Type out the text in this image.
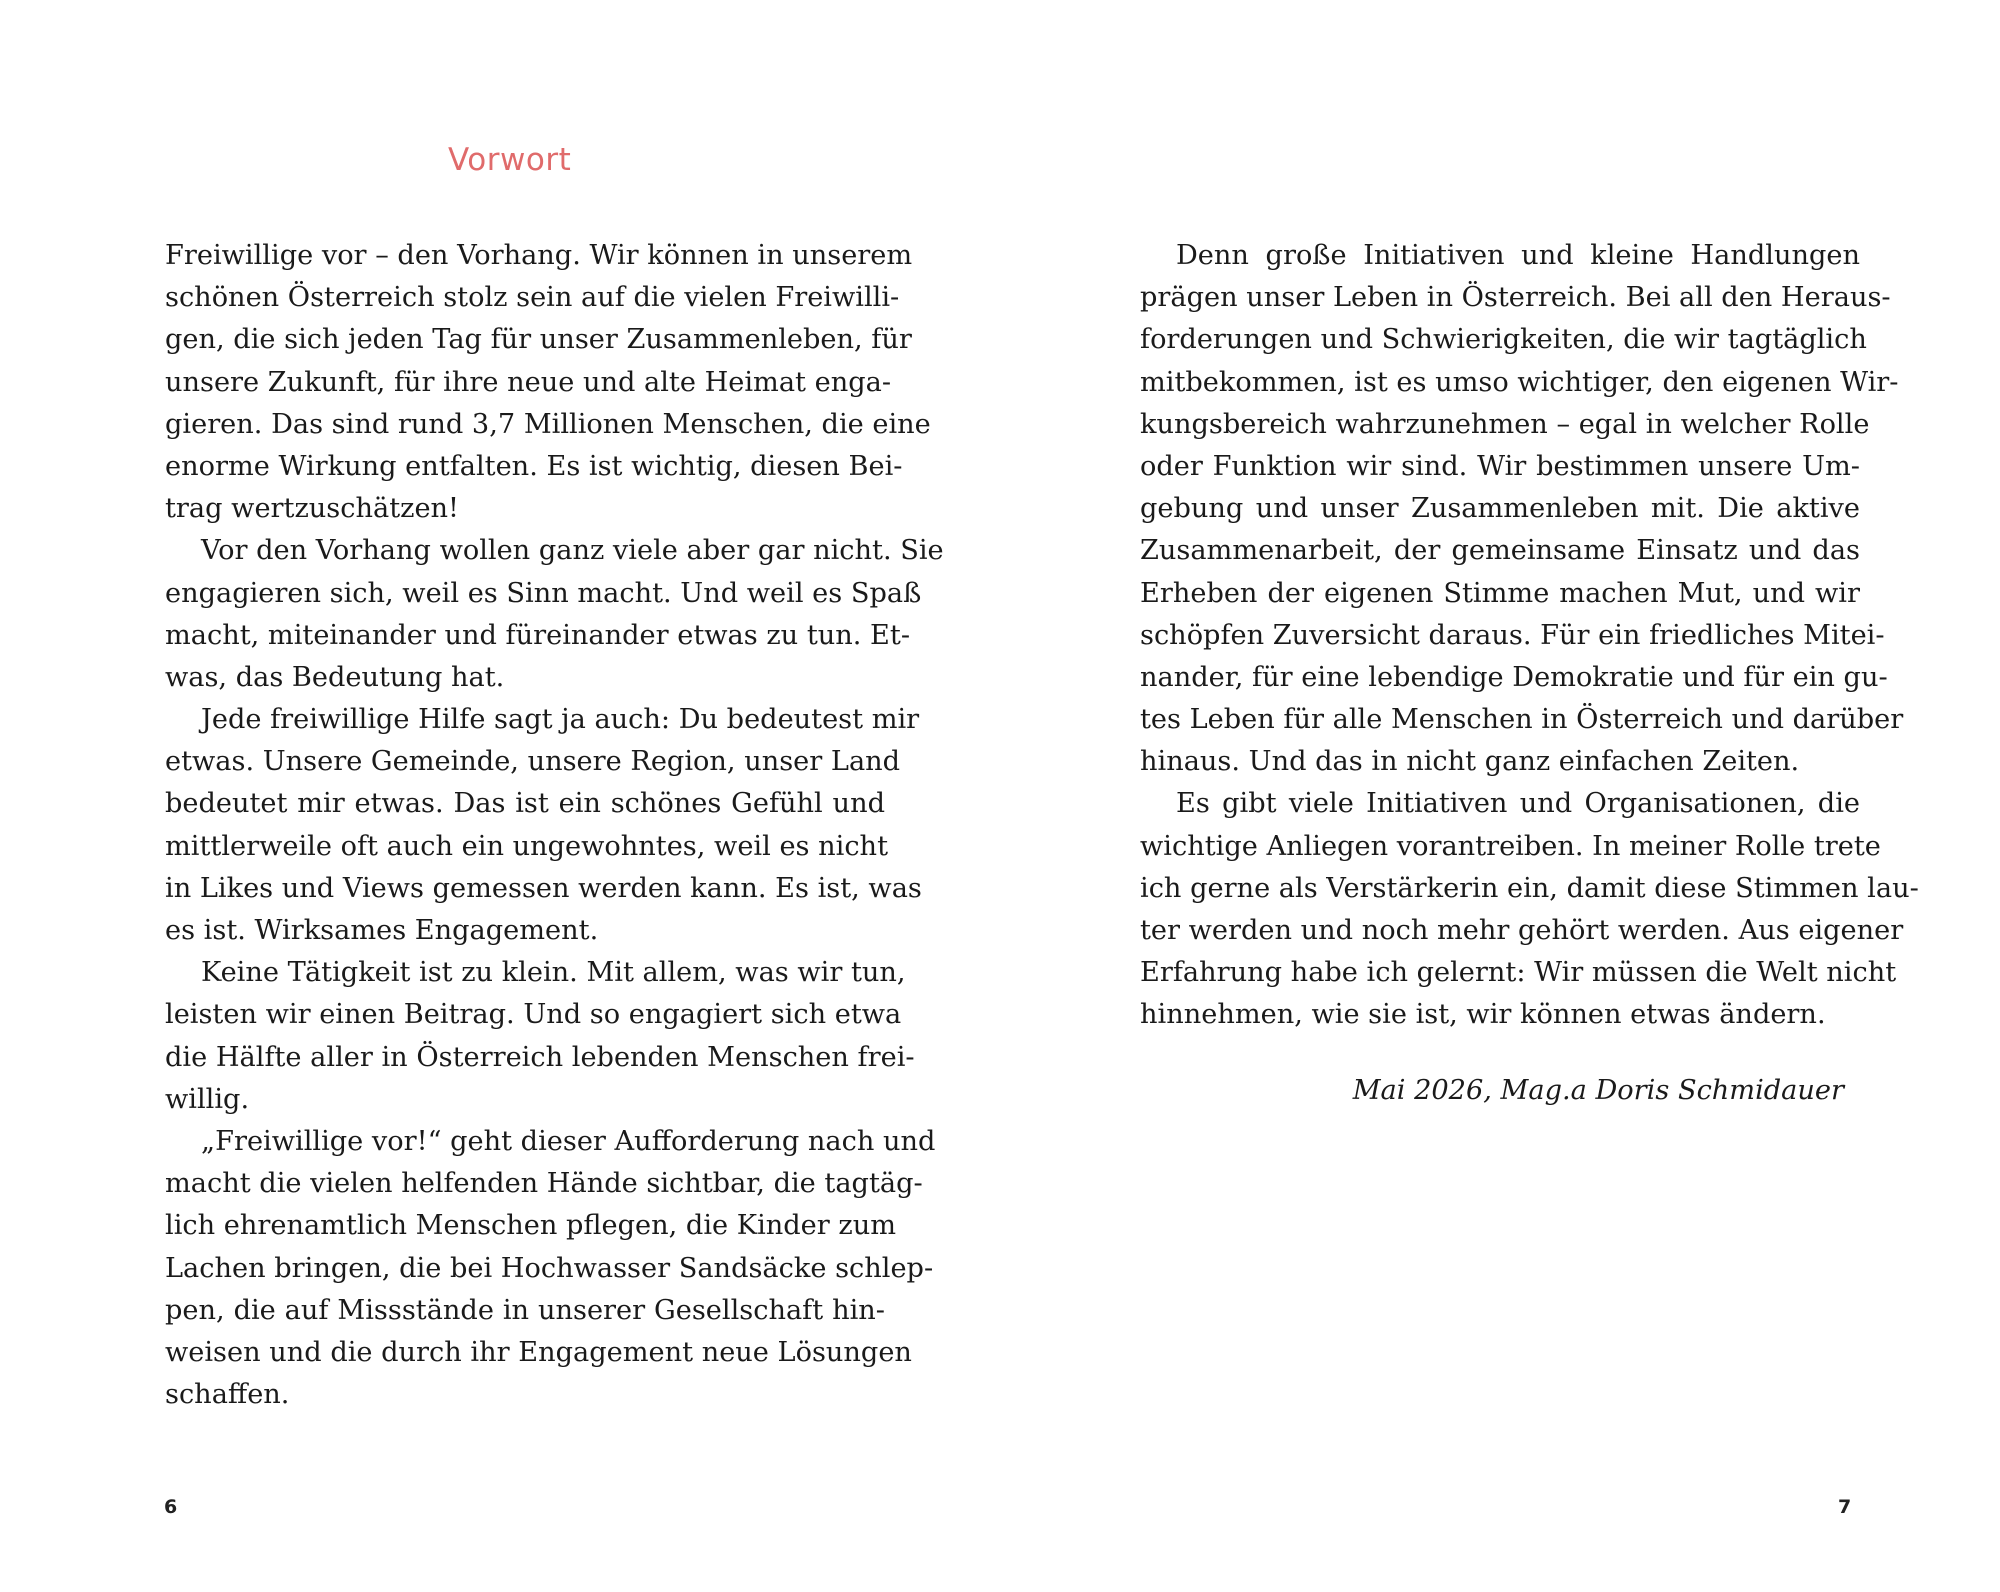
Vorwort
Freiwillige vor – den Vorhang. Wir können in unserem
schönen Österreich stolz sein auf die vielen Freiwilli-
gen, die sich jeden Tag für unser Zusammenleben, für
unsere Zukunft, für ihre neue und alte Heimat enga-
gieren. Das sind rund 3,7 Millionen Menschen, die eine
enorme Wirkung entfalten. Es ist wichtig, diesen Bei-
trag wertzuschätzen!
Vor den Vorhang wollen ganz viele aber gar nicht. Sie
engagieren sich, weil es Sinn macht. Und weil es Spaß
macht, miteinander und füreinander etwas zu tun. Et-
was, das Bedeutung hat.
Jede freiwillige Hilfe sagt ja auch: Du bedeutest mir
etwas. Unsere Gemeinde, unsere Region, unser Land
bedeutet mir etwas. Das ist ein schönes Gefühl und
mittlerweile oft auch ein ungewohntes, weil es nicht
in Likes und Views gemessen werden kann. Es ist, was
es ist. Wirksames Engagement.
Keine Tätigkeit ist zu klein. Mit allem, was wir tun,
leisten wir einen Beitrag. Und so engagiert sich etwa
die Hälfte aller in Österreich lebenden Menschen frei-
willig.
„Freiwillige vor!“ geht dieser Aufforderung nach und
macht die vielen helfenden Hände sichtbar, die tagtäg-
lich ehrenamtlich Menschen pflegen, die Kinder zum
Lachen bringen, die bei Hochwasser Sandsäcke schlep-
pen, die auf Missstände in unserer Gesellschaft hin-
weisen und die durch ihr Engagement neue Lösungen
schaffen.
6
Denn große Initiativen und kleine Handlungen
prägen unser Leben in Österreich. Bei all den Heraus-
forderungen und Schwierigkeiten, die wir tagtäglich
mitbekommen, ist es umso wichtiger, den eigenen Wir-
kungsbereich wahrzunehmen – egal in welcher Rolle
oder Funktion wir sind. Wir bestimmen unsere Um-
gebung und unser Zusammenleben mit. Die aktive
Zusammenarbeit, der gemeinsame Einsatz und das
Erheben der eigenen Stimme machen Mut, und wir
schöpfen Zuversicht daraus. Für ein friedliches Mitei-
nander, für eine lebendige Demokratie und für ein gu-
tes Leben für alle Menschen in Österreich und darüber
hinaus. Und das in nicht ganz einfachen Zeiten.
Es gibt viele Initiativen und Organisationen, die
wichtige Anliegen vorantreiben. In meiner Rolle trete
ich gerne als Verstärkerin ein, damit diese Stimmen lau-
ter werden und noch mehr gehört werden. Aus eigener
Erfahrung habe ich gelernt: Wir müssen die Welt nicht
hinnehmen, wie sie ist, wir können etwas ändern.
Mai 2026, Mag.a Doris Schmidauer
7
